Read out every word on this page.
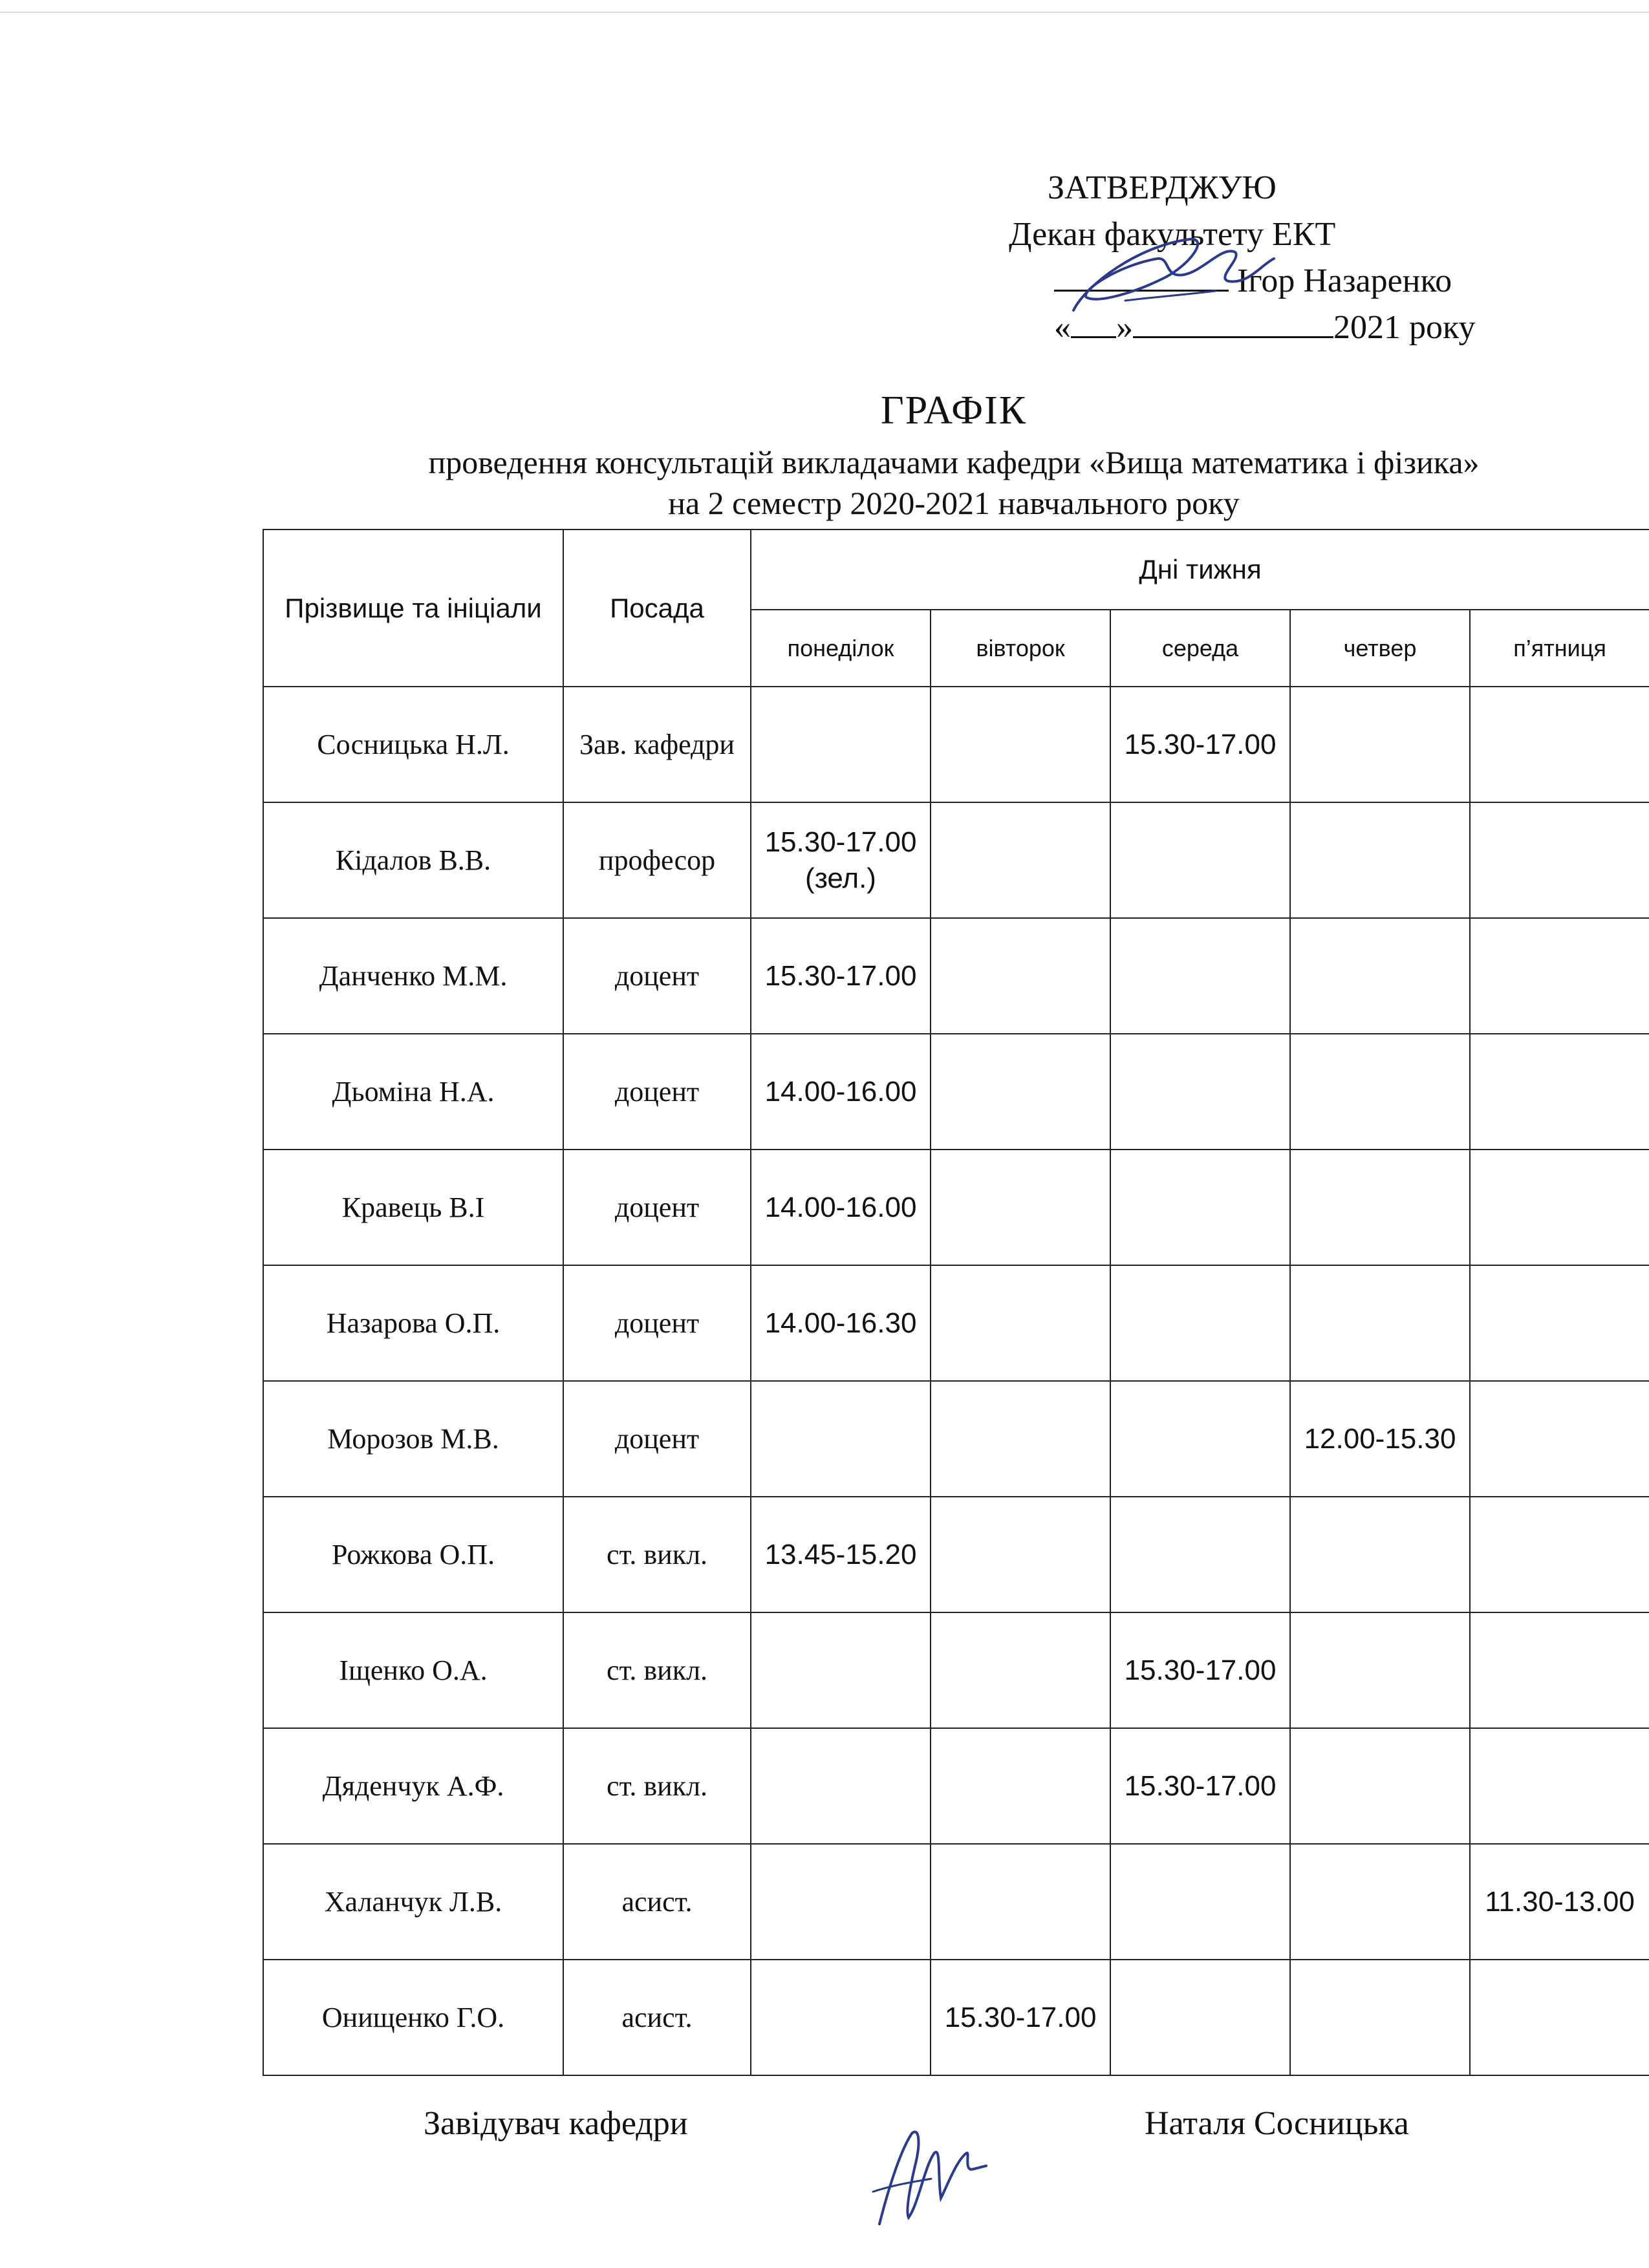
ЗАТВЕРДЖУЮ
Декан факультету ЕКТ
Ігор Назаренко
« »	2021 року
ГРАФІК
проведення консультацій викладачами кафедри «Вища математика і фізика»
на 2 семестр 2020-2021 навчального року
Прізвище та ініціали	Посада	Дні тижня				
		понеділок	вівторок	середа	четвер	п’ятниця
Сосницька Н.Л.	Зав. кафедри			15.30-17.00		
Кідалов В.В.	професор	15.30-17.00 (зел.)				
Данченко М.М.	доцент	15.30-17.00				
Дьоміна Н.А.	доцент	14.00-16.00				
Кравець В.І	доцент	14.00-16.00				
Назарова О.П.	доцент	14.00-16.30				
Морозов М.В.	доцент				12.00-15.30	
Рожкова О.П.	ст. викл.	13.45-15.20				
Іщенко О.А.	ст. викл.			15.30-17.00		
Дяденчук А.Ф.	ст. викл.			15.30-17.00		
Халанчук Л.В.	асист.					11.30-13.00
Онищенко Г.О.	асист.		15.30-17.00			
Завідувач кафедри	Наталя Сосницька
